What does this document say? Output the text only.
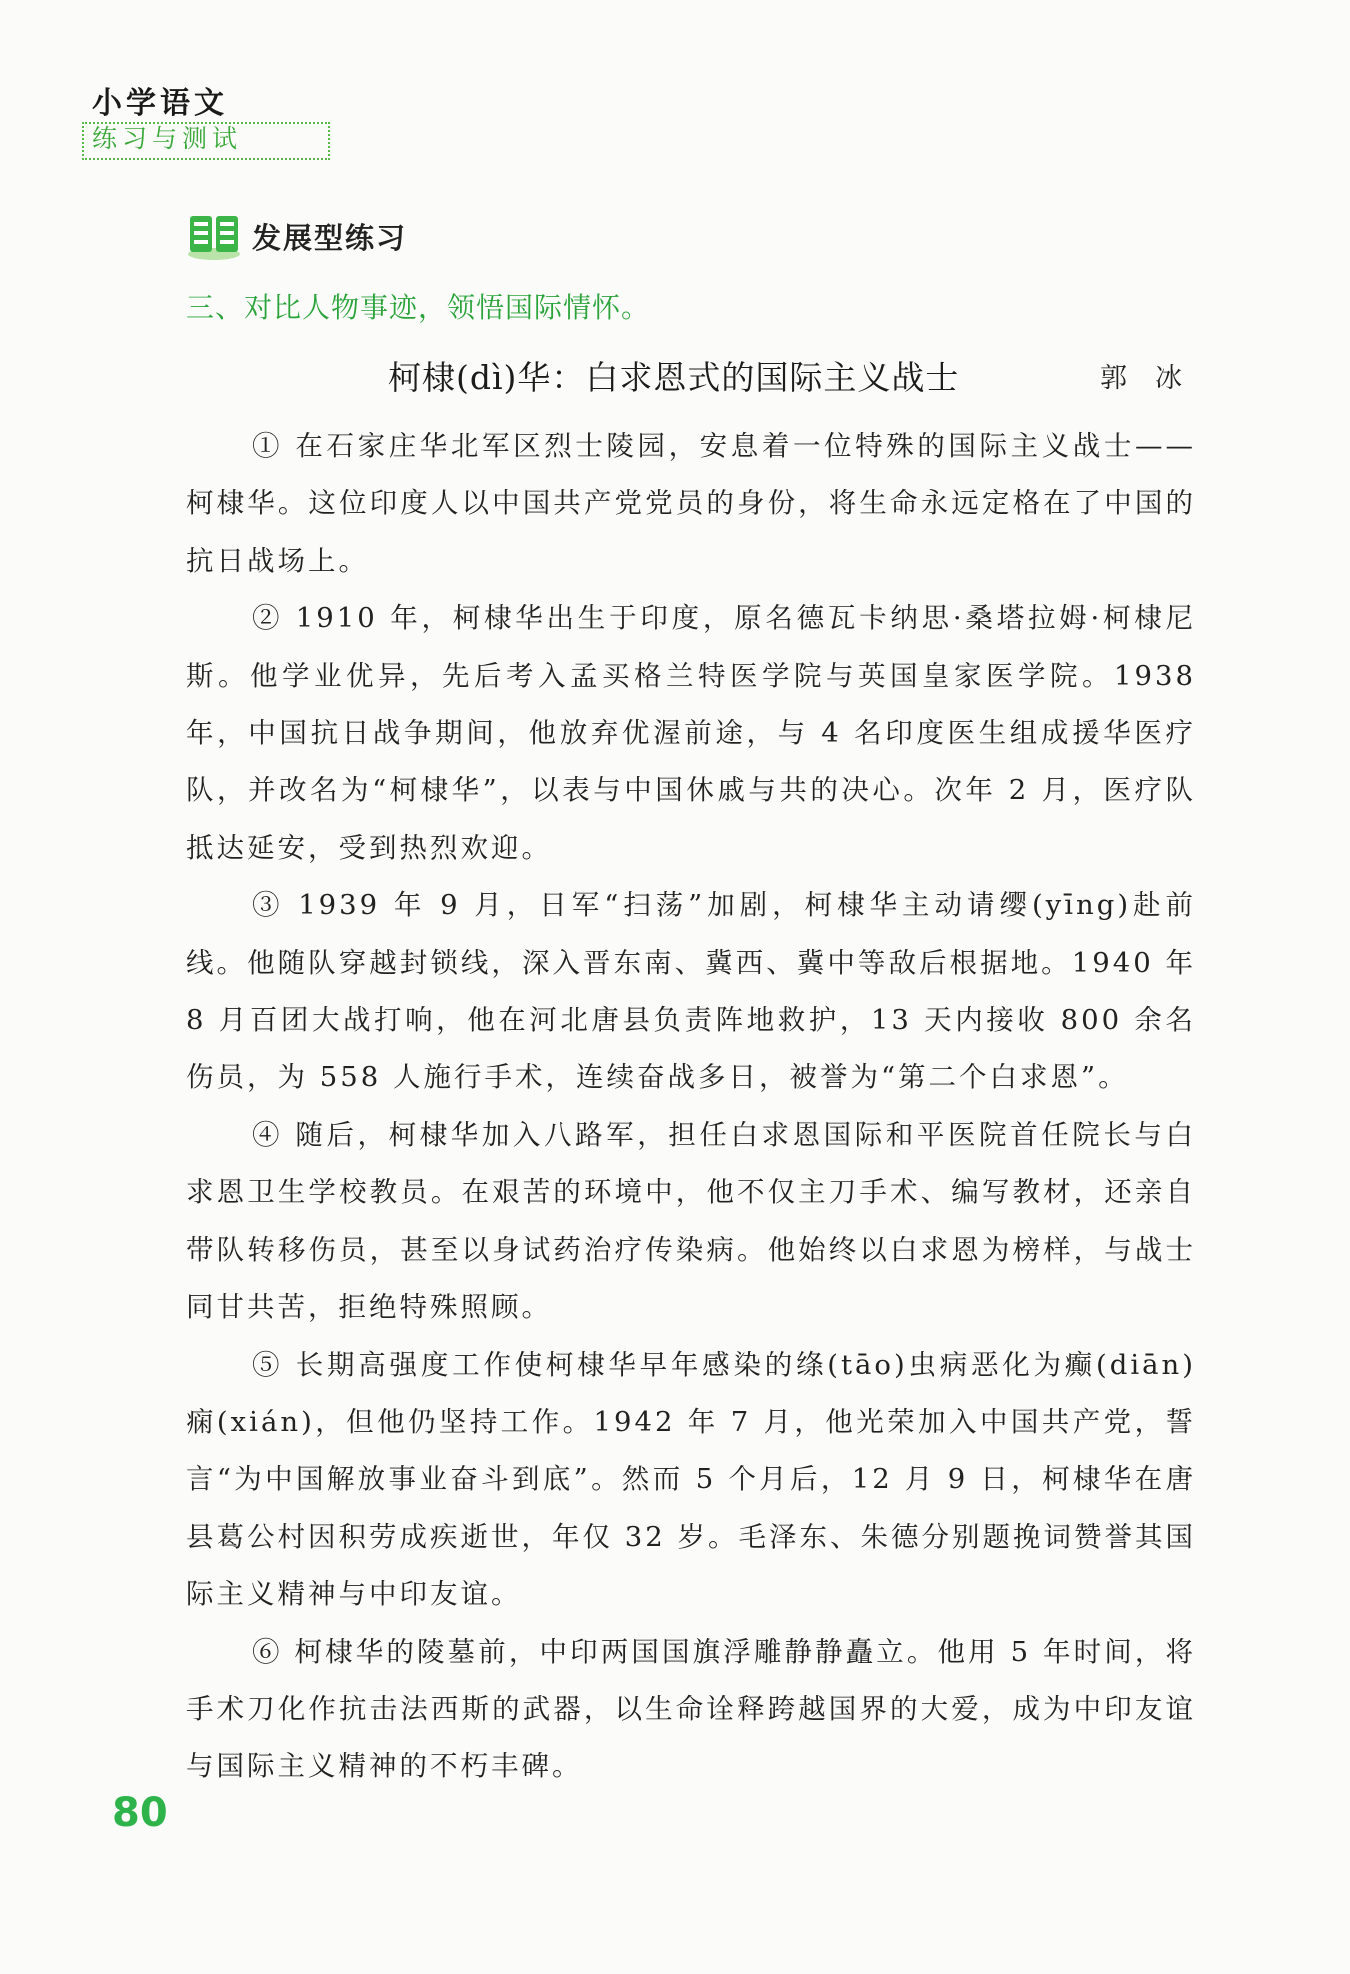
小学语文
练习与测试
发展型练习
三、对比人物事迹，领悟国际情怀。
柯棣(dì)华：白求恩式的国际主义战士	郭冰

① 在石家庄华北军区烈士陵园，安息着一位特殊的国际主义战士——柯棣华。这位印度人以中国共产党党员的身份，将生命永远定格在了中国的抗日战场上。

② 1910 年，柯棣华出生于印度，原名德瓦卡纳思·桑塔拉姆·柯棣尼斯。他学业优异，先后考入孟买格兰特医学院与英国皇家医学院。1938 年，中国抗日战争期间，他放弃优渥前途，与 4 名印度医生组成援华医疗队，并改名为“柯棣华”，以表与中国休戚与共的决心。次年 2 月，医疗队抵达延安，受到热烈欢迎。

③ 1939 年 9 月，日军“扫荡”加剧，柯棣华主动请缨(yīng)赴前线。他随队穿越封锁线，深入晋东南、冀西、冀中等敌后根据地。1940 年 8 月百团大战打响，他在河北唐县负责阵地救护，13 天内接收 800 余名伤员，为 558 人施行手术，连续奋战多日，被誉为“第二个白求恩”。

④ 随后，柯棣华加入八路军，担任白求恩国际和平医院首任院长与白求恩卫生学校教员。在艰苦的环境中，他不仅主刀手术、编写教材，还亲自带队转移伤员，甚至以身试药治疗传染病。他始终以白求恩为榜样，与战士同甘共苦，拒绝特殊照顾。

⑤ 长期高强度工作使柯棣华早年感染的绦(tāo)虫病恶化为癫(diān)痫(xián)，但他仍坚持工作。1942 年 7 月，他光荣加入中国共产党，誓言“为中国解放事业奋斗到底”。然而 5 个月后，12 月 9 日，柯棣华在唐县葛公村因积劳成疾逝世，年仅 32 岁。毛泽东、朱德分别题挽词赞誉其国际主义精神与中印友谊。

⑥ 柯棣华的陵墓前，中印两国国旗浮雕静静矗立。他用 5 年时间，将手术刀化作抗击法西斯的武器，以生命诠释跨越国界的大爱，成为中印友谊与国际主义精神的不朽丰碑。

80
